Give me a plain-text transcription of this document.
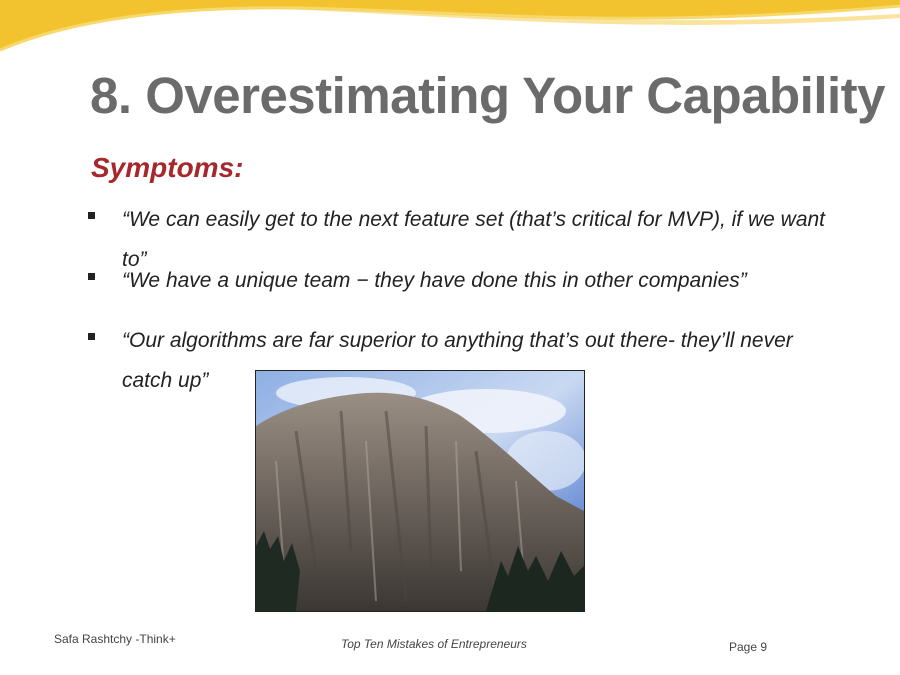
8. Overestimating Your Capability
Symptoms:
“We can easily get to the next feature set (that’s critical for MVP), if we want to”
“We have a unique team − they have done this in other companies”
“Our algorithms are far superior to anything that’s out there- they’ll never catch up”
Safa Rashtchy -Think+	Top Ten Mistakes of Entrepreneurs	Page 9
